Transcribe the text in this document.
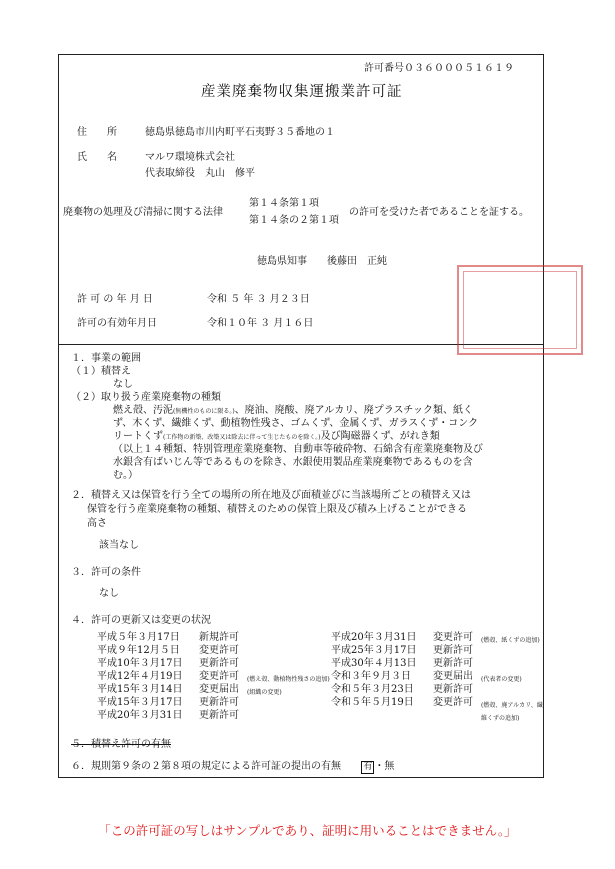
許可番号０３６０００５１６１９
産業廃棄物収集運搬業許可証
住　　所	徳島県徳島市川内町平石夷野３５番地の１
氏　　名	マルワ環境株式会社
代表取締役　丸山　修平
廃棄物の処理及び清掃に関する法律
第１４条第１項
第１４条の２第１項
の許可を受けた者であることを証する。
徳島県知事　　後藤田　正純
許 可 の 年 月 日	令和 ５ 年 ３ 月２３日
許可の有効年月日	令和１０年 ３ 月１６日
１．事業の範囲
（１）積替え
なし
（２）取り扱う産業廃棄物の種類
燃え殻、汚泥(無機性のものに限る。)、廃油、廃酸、廃アルカリ、廃プラスチック類、紙く
ず、木くず、繊維くず、動植物性残さ、ゴムくず、金属くず、ガラスくず・コンク
リートくず(工作物の新築、改築又は除去に伴って生じたものを除く。)及び陶磁器くず、がれき類
（以上１４種類、特別管理産業廃棄物、自動車等破砕物、石綿含有産業廃棄物及び
水銀含有ばいじん等であるものを除き、水銀使用製品産業廃棄物であるものを含
む。）
２．積替え又は保管を行う全ての場所の所在地及び面積並びに当該場所ごとの積替え又は
保管を行う産業廃棄物の種類、積替えのための保管上限及び積み上げることができる
高さ
該当なし
３．許可の条件
なし
４．許可の更新又は変更の状況
平成５年３月17日 新規許可
平成９年12月５日 変更許可
平成10年３月17日 更新許可
平成12年４月19日 変更許可 (燃え殻、動植物性残さの追加)
平成15年３月14日 変更届出 (組織の変更)
平成15年３月17日 更新許可
平成20年３月31日 更新許可
平成20年３月31日 変更許可 (燃殻、紙くずの追加)
平成25年３月17日 更新許可
平成30年４月13日 更新許可
令和３年９月３日 変更届出 (代表者の変更)
令和５年３月23日 更新許可
令和５年５月19日 変更許可 (燃殻、廃アルカリ、繊
維くずの追加)
５．積替え許可の有無
６．規則第９条の２第８項の規定による許可証の提出の有無 有 ・無
「この許可証の写しはサンプルであり、証明に用いることはできません。」
